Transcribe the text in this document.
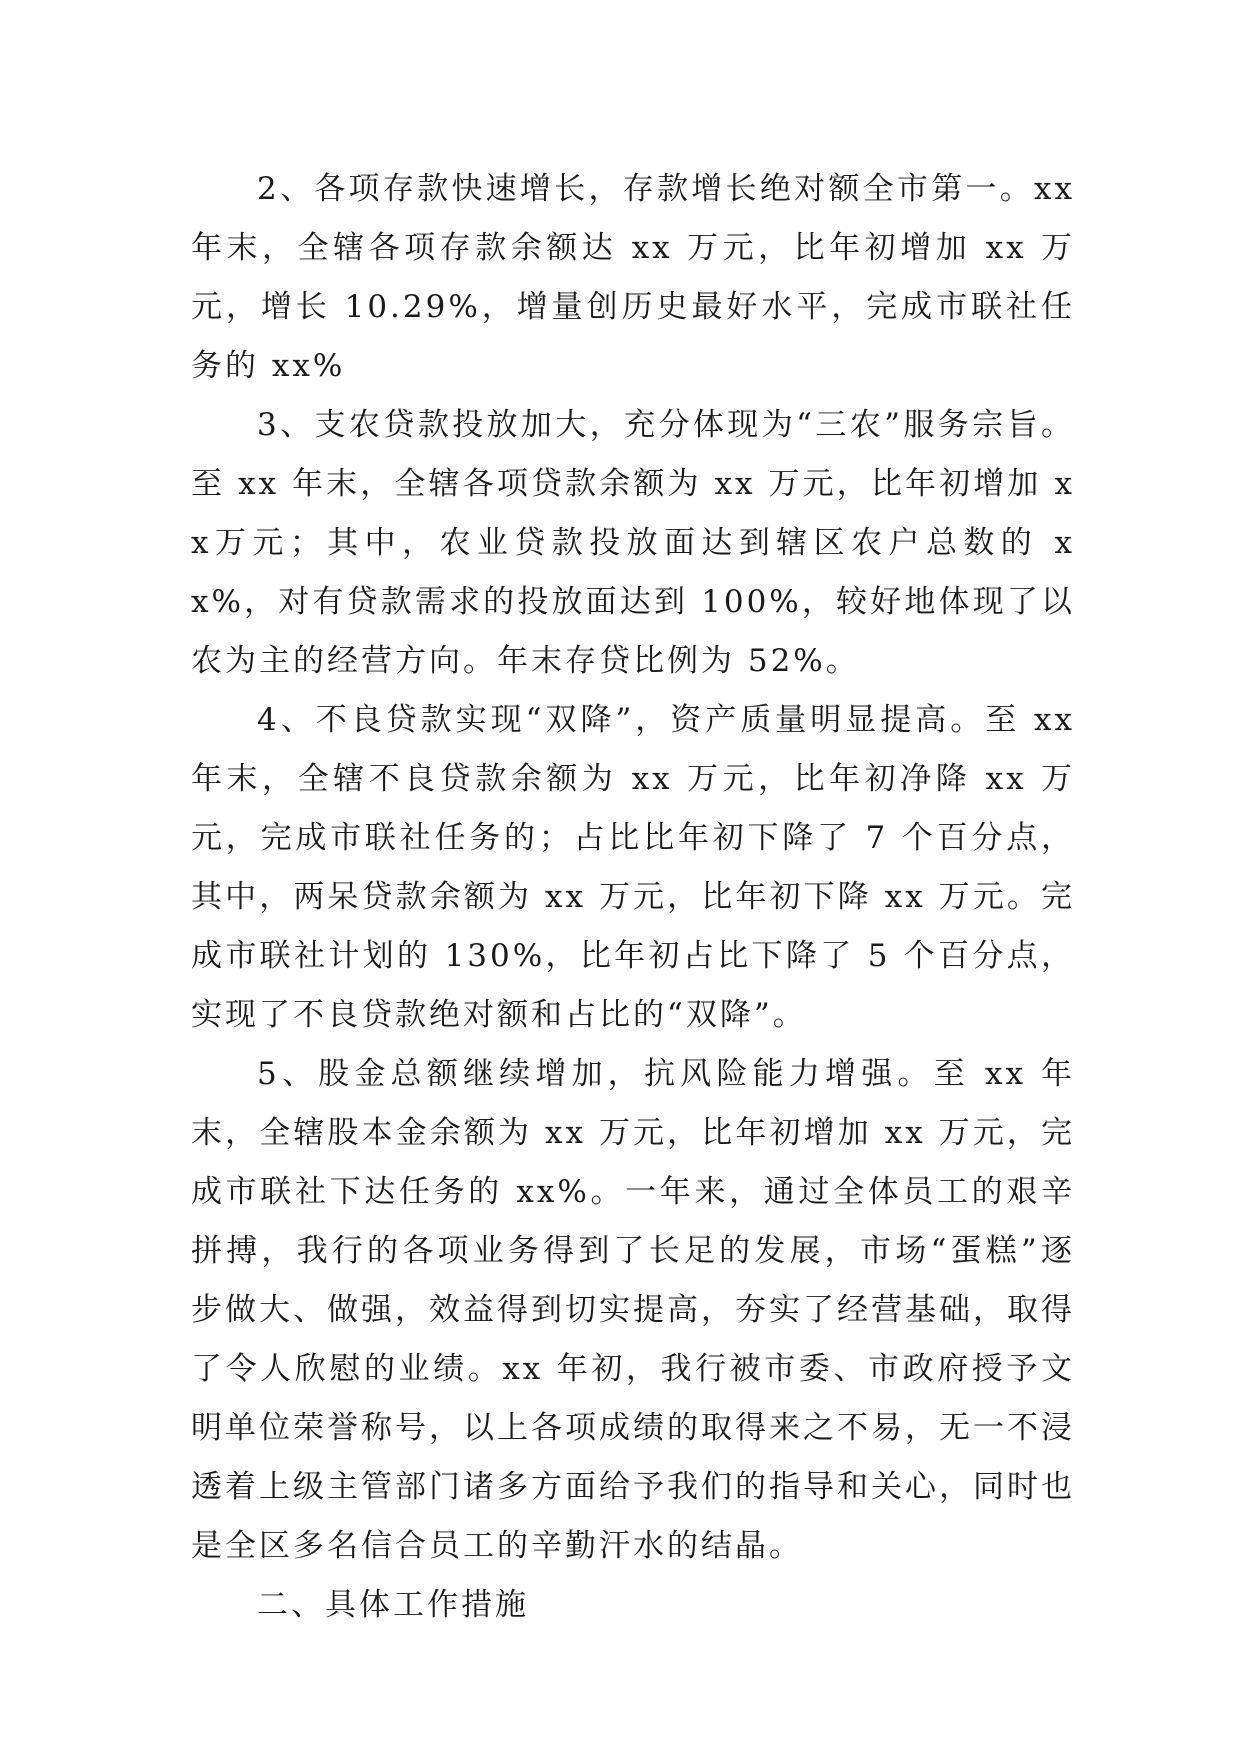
2、各项存款快速增长，存款增长绝对额全市第一。xx年末，全辖各项存款余额达 xx 万元，比年初增加 xx 万元，增长 10.29%，增量创历史最好水平，完成市联社任务的 xx%

3、支农贷款投放加大，充分体现为“三农”服务宗旨。至 xx 年末，全辖各项贷款余额为 xx 万元，比年初增加 xx万元；其中，农业贷款投放面达到辖区农户总数的 xx%，对有贷款需求的投放面达到 100%，较好地体现了以农为主的经营方向。年末存贷比例为 52%。

4、不良贷款实现“双降”，资产质量明显提高。至 xx年末，全辖不良贷款余额为 xx 万元，比年初净降 xx 万元，完成市联社任务的；占比比年初下降了 7 个百分点，其中，两呆贷款余额为 xx 万元，比年初下降 xx 万元。完成市联社计划的 130%，比年初占比下降了 5 个百分点，实现了不良贷款绝对额和占比的“双降”。

5、股金总额继续增加，抗风险能力增强。至 xx 年末，全辖股本金余额为 xx 万元，比年初增加 xx 万元，完成市联社下达任务的 xx%。一年来，通过全体员工的艰辛拼搏，我行的各项业务得到了长足的发展，市场“蛋糕”逐步做大、做强，效益得到切实提高，夯实了经营基础，取得了令人欣慰的业绩。xx 年初，我行被市委、市政府授予文明单位荣誉称号，以上各项成绩的取得来之不易，无一不浸透着上级主管部门诸多方面给予我们的指导和关心，同时也是全区多名信合员工的辛勤汗水的结晶。

二、具体工作措施
